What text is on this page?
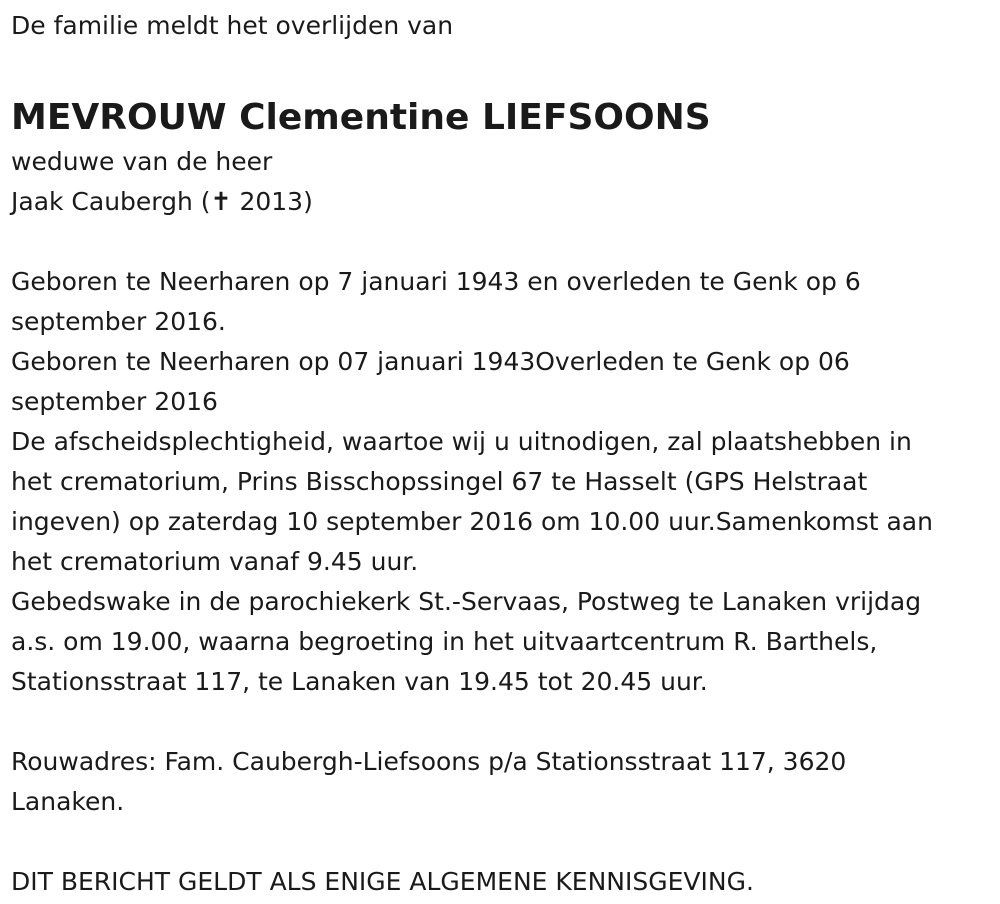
De familie meldt het overlijden van

MEVROUW Clementine LIEFSOONS

weduwe van de heer

Jaak Caubergh (✝ 2013)

Geboren te Neerharen op 7 januari 1943 en overleden te Genk op 6

september 2016.

Geboren te Neerharen op 07 januari 1943Overleden te Genk op 06

september 2016

De afscheidsplechtigheid, waartoe wij u uitnodigen, zal plaatshebben in

het crematorium, Prins Bisschopssingel 67 te Hasselt (GPS Helstraat

ingeven) op zaterdag 10 september 2016 om 10.00 uur.Samenkomst aan

het crematorium vanaf 9.45 uur.

Gebedswake in de parochiekerk St.-Servaas, Postweg te Lanaken vrijdag

a.s. om 19.00, waarna begroeting in het uitvaartcentrum R. Barthels,

Stationsstraat 117, te Lanaken van 19.45 tot 20.45 uur.

Rouwadres: Fam. Caubergh-Liefsoons p/a Stationsstraat 117, 3620

Lanaken.

DIT BERICHT GELDT ALS ENIGE ALGEMENE KENNISGEVING.
